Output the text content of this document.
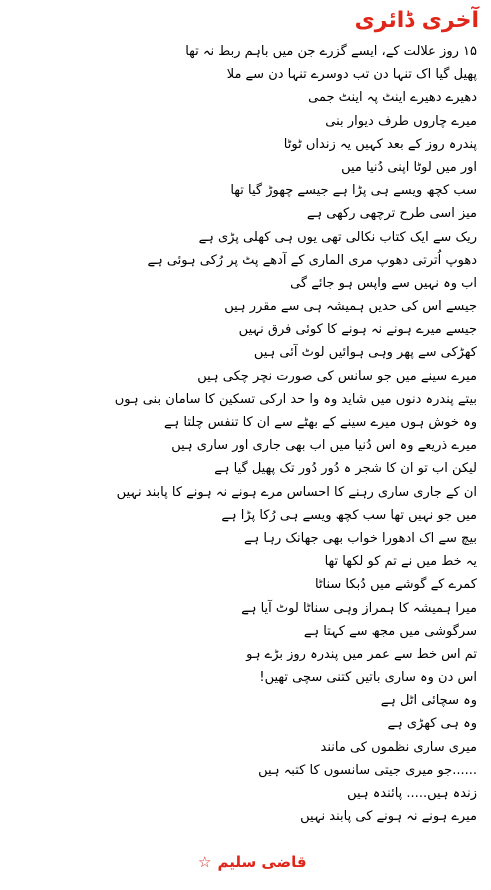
آخری ڈائری
۱۵ روز علالت کے، ایسے گزرے جن میں باہم ربط نہ تھا
پھیل گیا اک تنہا دن تب دوسرے تنہا دن سے ملا
دھیرے دھیرے اینٹ پہ اینٹ جمی
میرے چاروں طرف دیوار بنی
پندرہ روز کے بعد کہیں یہ زنداں ٹوٹا
اور میں لوٹا اپنی دُنیا میں
سب کچھ ویسے ہی پڑا ہے جیسے چھوڑ گیا تھا
میز اسی طرح ترچھی رکھی ہے
ریک سے ایک کتاب نکالی تھی یوں ہی کھلی پڑی ہے
دھوپ اُترتی دھوپ مری الماری کے آدھے پٹ پر رُکی ہوئی ہے
اب وہ نہیں سے واپس ہو جائے گی
جیسے اس کی حدیں ہمیشہ ہی سے مقرر ہیں
جیسے میرے ہونے نہ ہونے کا کوئی فرق نہیں
کھڑکی سے پھر وہی ہوائیں لوٹ آئی ہیں
میرے سینے میں جو سانس کی صورت نچر چکی ہیں
بیتے پندرہ دنوں میں شاید وہ وا حد ارکی تسکین کا سامان بنی ہوں
وہ خوش ہوں میرے سینے کے بھٹے سے ان کا تنفس چلتا ہے
میرے ذریعے وہ اس دُنیا میں اب بھی جاری اور ساری ہیں
لیکن اب تو ان کا شجر ہ دُور دُور تک پھیل گیا ہے
ان کے جاری ساری رہنے کا احساس مرے ہونے نہ ہونے کا پابند نہیں
میں جو نہیں تھا سب کچھ ویسے ہی رُکا پڑا ہے
بیچ سے اک ادھورا خواب بھی جھانک رہا ہے
یہ خط میں نے تم کو لکھا تھا
کمرے کے گوشے میں دُبکا سناٹا
میرا ہمیشہ کا ہمراز وہی سناٹا لوٹ آیا ہے
سرگوشی میں مجھ سے کہتا ہے
تم اس خط سے عمر میں پندرہ روز بڑے ہو
اس دن وہ ساری باتیں کتنی سچی تھیں!
وہ سچائی اٹل ہے
وہ ہی کھڑی ہے
میری ساری نظموں کی مانند
......جو میری جیتی سانسوں کا کتبہ ہیں
زندہ ہیں..... پائندہ ہیں
میرے ہونے نہ ہونے کی پابند نہیں
☆ قاضی سلیم
